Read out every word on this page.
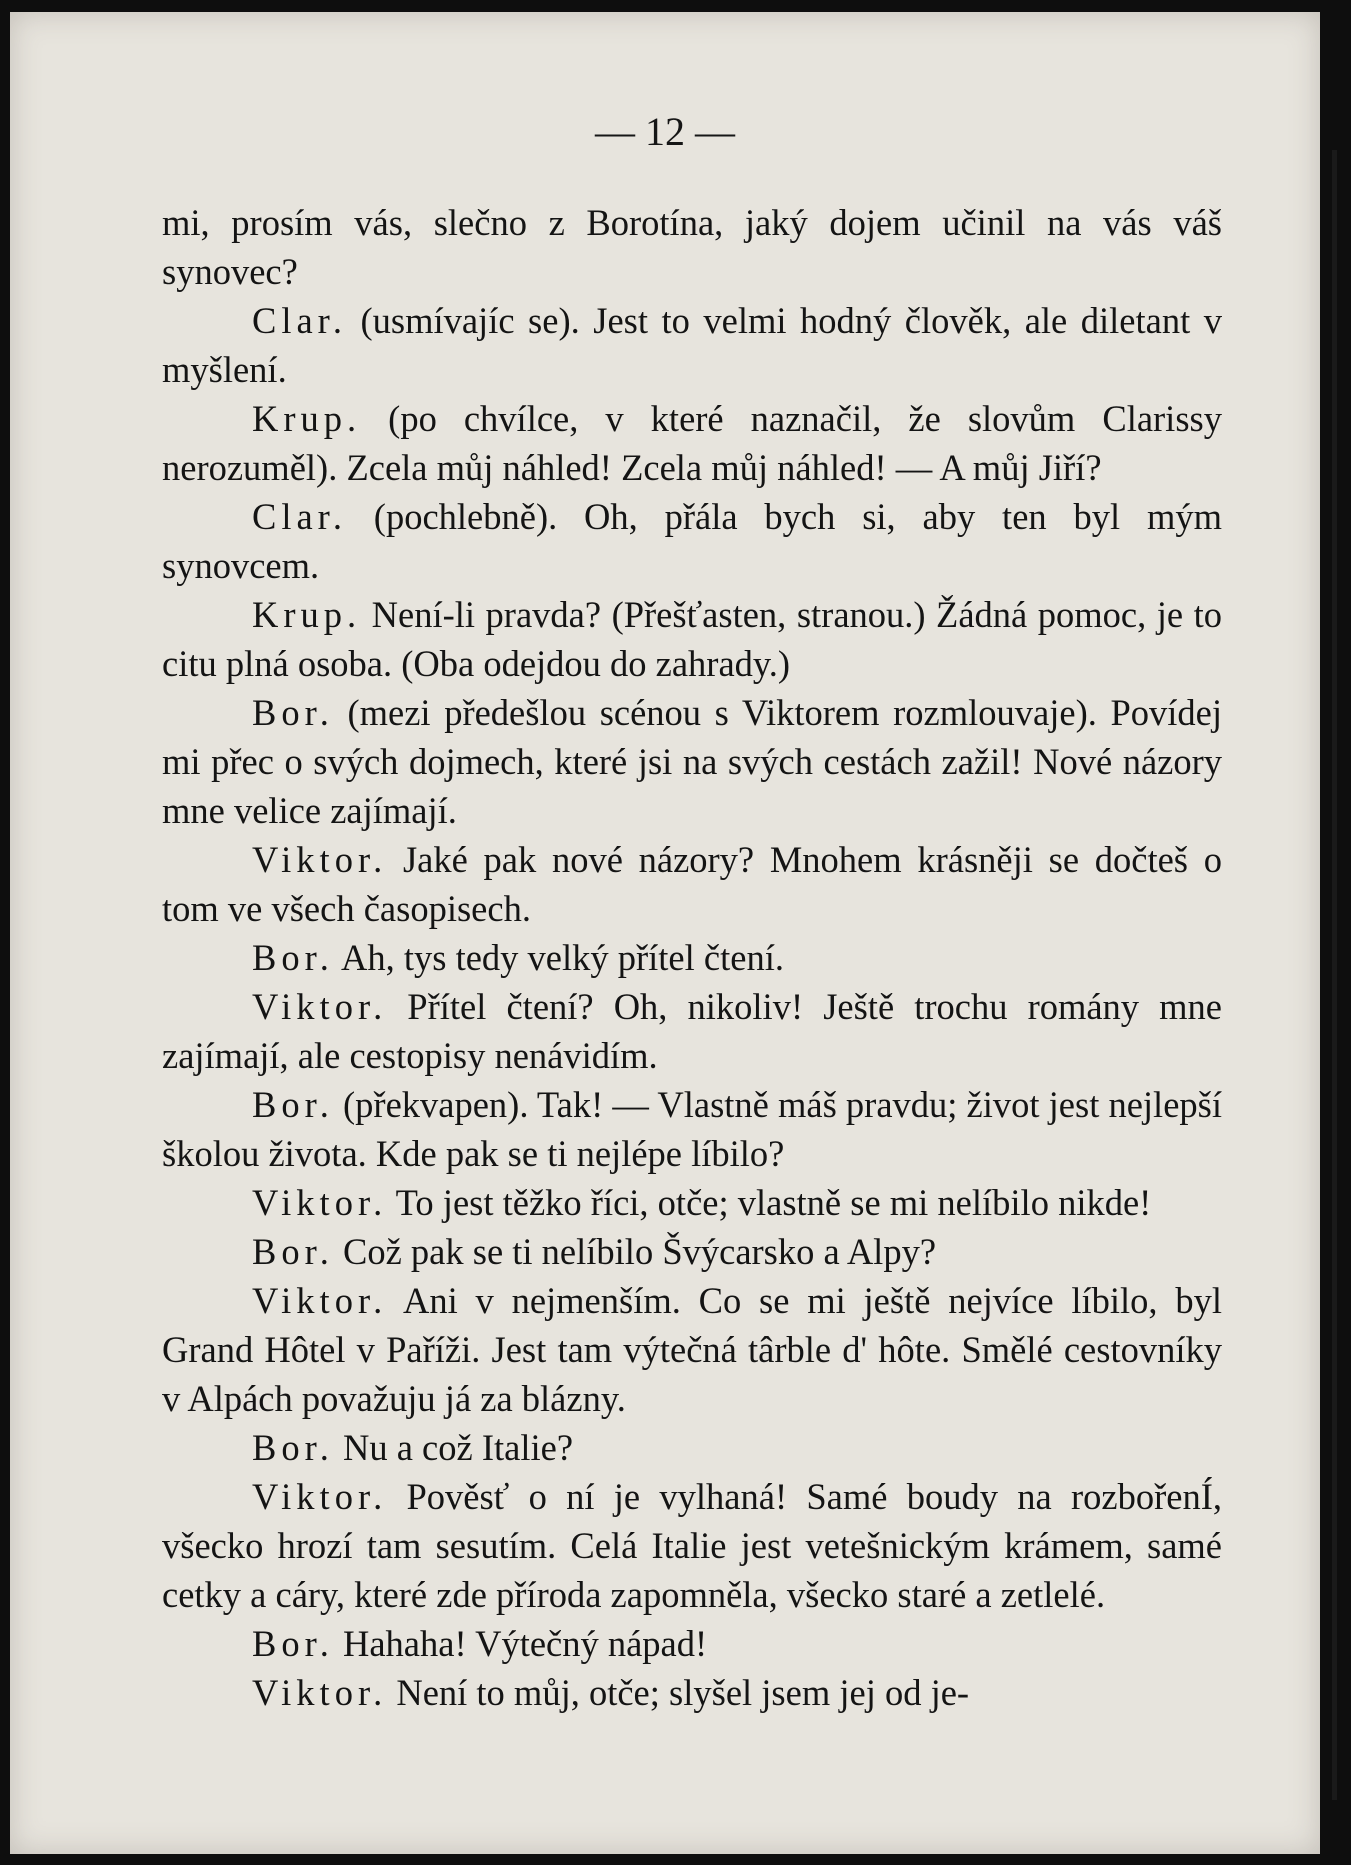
— 12 —

mi, prosím vás, slečno z Borotína, jaký dojem učinil na vás váš synovec?

Clar. (usmívajíc se). Jest to velmi hodný člověk, ale diletant v myšlení.

Krup. (po chvílce, v které naznačil, že slovům Clarissy nerozuměl). Zcela můj náhled! Zcela můj náhled! — A můj Jiří?

Clar. (pochlebně). Oh, přála bych si, aby ten byl mým synovcem.

Krup. Není-li pravda? (Přešťasten, stranou.) Žádná pomoc, je to citu plná osoba. (Oba odejdou do zahrady.)

Bor. (mezi předešlou scénou s Viktorem rozmlouvaje). Povídej mi přec o svých dojmech, které jsi na svých cestách zažil! Nové názory mne velice zajímají.

Viktor. Jaké pak nové názory? Mnohem krásněji se dočteš o tom ve všech časopisech.

Bor. Ah, tys tedy velký přítel čtení.

Viktor. Přítel čtení? Oh, nikoliv! Ještě trochu romány mne zajímají, ale cestopisy nenávidím.

Bor. (překvapen). Tak! — Vlastně máš pravdu; život jest nejlepší školou života. Kde pak se ti nejlépe líbilo?

Viktor. To jest těžko říci, otče; vlastně se mi nelíbilo nikde!

Bor. Což pak se ti nelíbilo Švýcarsko a Alpy?

Viktor. Ani v nejmenším. Co se mi ještě nejvíce líbilo, byl Grand Hôtel v Paříži. Jest tam výtečná târble d' hôte. Smělé cestovníky v Alpách považuju já za blázny.

Bor. Nu a což Italie?

Viktor. Pověsť o ní je vylhaná! Samé boudy na rozbořenÍ, všecko hrozí tam sesutím. Celá Italie jest vetešnickým krámem, samé cetky a cáry, které zde příroda zapomněla, všecko staré a zetlelé.

Bor. Hahaha! Výtečný nápad!

Viktor. Není to můj, otče; slyšel jsem jej od je-
